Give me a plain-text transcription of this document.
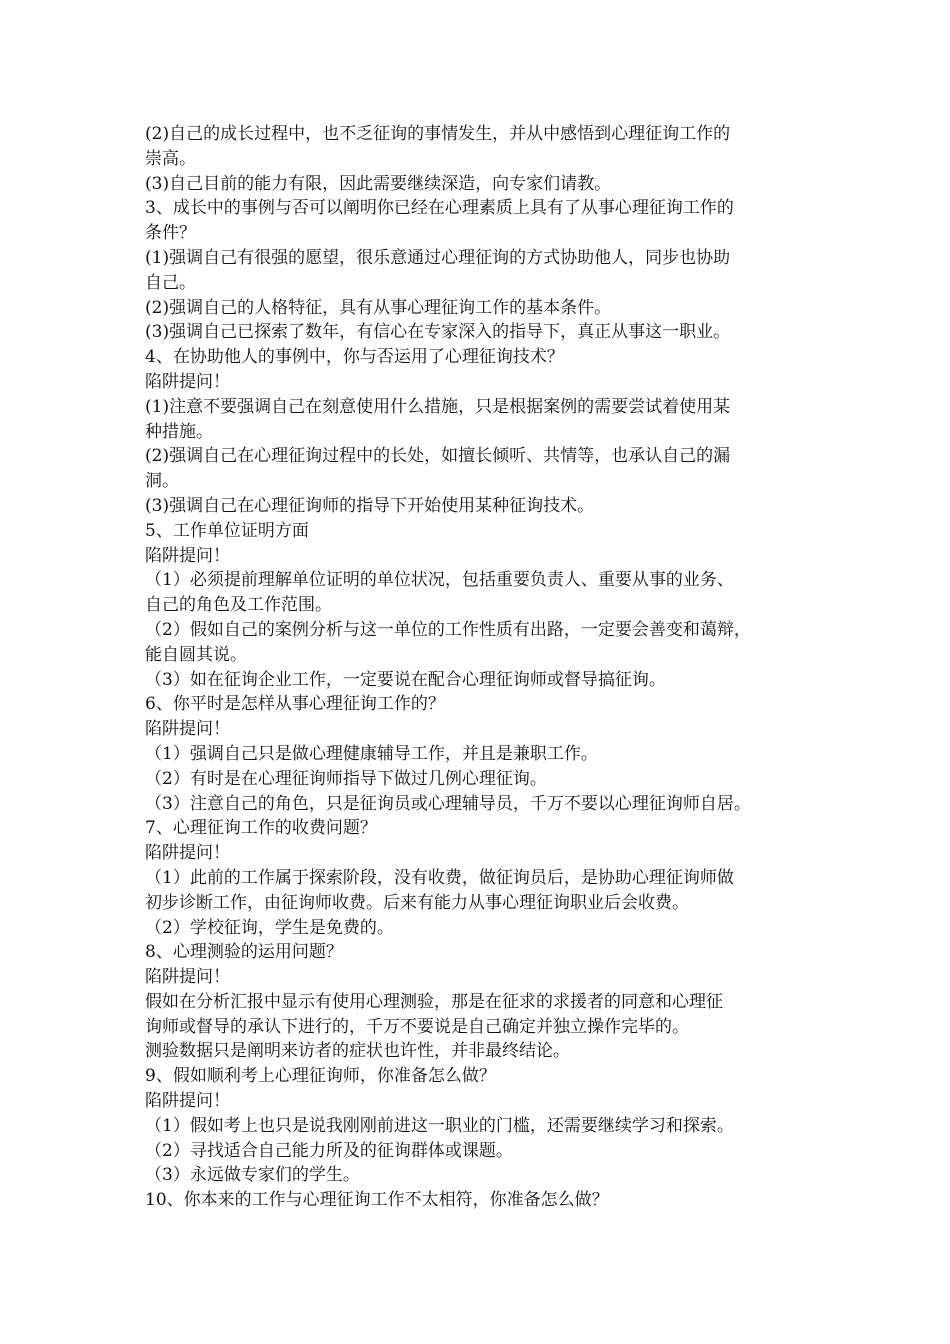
(2)自己的成长过程中，也不乏征询的事情发生，并从中感悟到心理征询工作的

崇高。

(3)自己目前的能力有限，因此需要继续深造，向专家们请教。

3、成长中的事例与否可以阐明你已经在心理素质上具有了从事心理征询工作的

条件？

(1)强调自己有很强的愿望，很乐意通过心理征询的方式协助他人，同步也协助

自己。

(2)强调自己的人格特征，具有从事心理征询工作的基本条件。

(3)强调自己已探索了数年，有信心在专家深入的指导下，真正从事这一职业。

4、在协助他人的事例中，你与否运用了心理征询技术？

陷阱提问！

(1)注意不要强调自己在刻意使用什么措施，只是根据案例的需要尝试着使用某

种措施。

(2)强调自己在心理征询过程中的长处，如擅长倾听、共情等，也承认自己的漏

洞。

(3)强调自己在心理征询师的指导下开始使用某种征询技术。

5、工作单位证明方面

陷阱提问！

（1）必须提前理解单位证明的单位状况，包括重要负责人、重要从事的业务、

自己的角色及工作范围。

（2）假如自己的案例分析与这一单位的工作性质有出路，一定要会善变和蔼辩，

能自圆其说。

（3）如在征询企业工作，一定要说在配合心理征询师或督导搞征询。

6、你平时是怎样从事心理征询工作的？

陷阱提问！

（1）强调自己只是做心理健康辅导工作，并且是兼职工作。

（2）有时是在心理征询师指导下做过几例心理征询。

（3）注意自己的角色，只是征询员或心理辅导员，千万不要以心理征询师自居。

7、心理征询工作的收费问题？

陷阱提问！

（1）此前的工作属于探索阶段，没有收费，做征询员后，是协助心理征询师做

初步诊断工作，由征询师收费。后来有能力从事心理征询职业后会收费。

（2）学校征询，学生是免费的。

8、心理测验的运用问题？

陷阱提问！

假如在分析汇报中显示有使用心理测验，那是在征求的求援者的同意和心理征

询师或督导的承认下进行的，千万不要说是自己确定并独立操作完毕的。

测验数据只是阐明来访者的症状也许性，并非最终结论。

9、假如顺利考上心理征询师，你准备怎么做？

陷阱提问！

（1）假如考上也只是说我刚刚前进这一职业的门槛，还需要继续学习和探索。

（2）寻找适合自己能力所及的征询群体或课题。

（3）永远做专家们的学生。

10、你本来的工作与心理征询工作不太相符，你准备怎么做？
